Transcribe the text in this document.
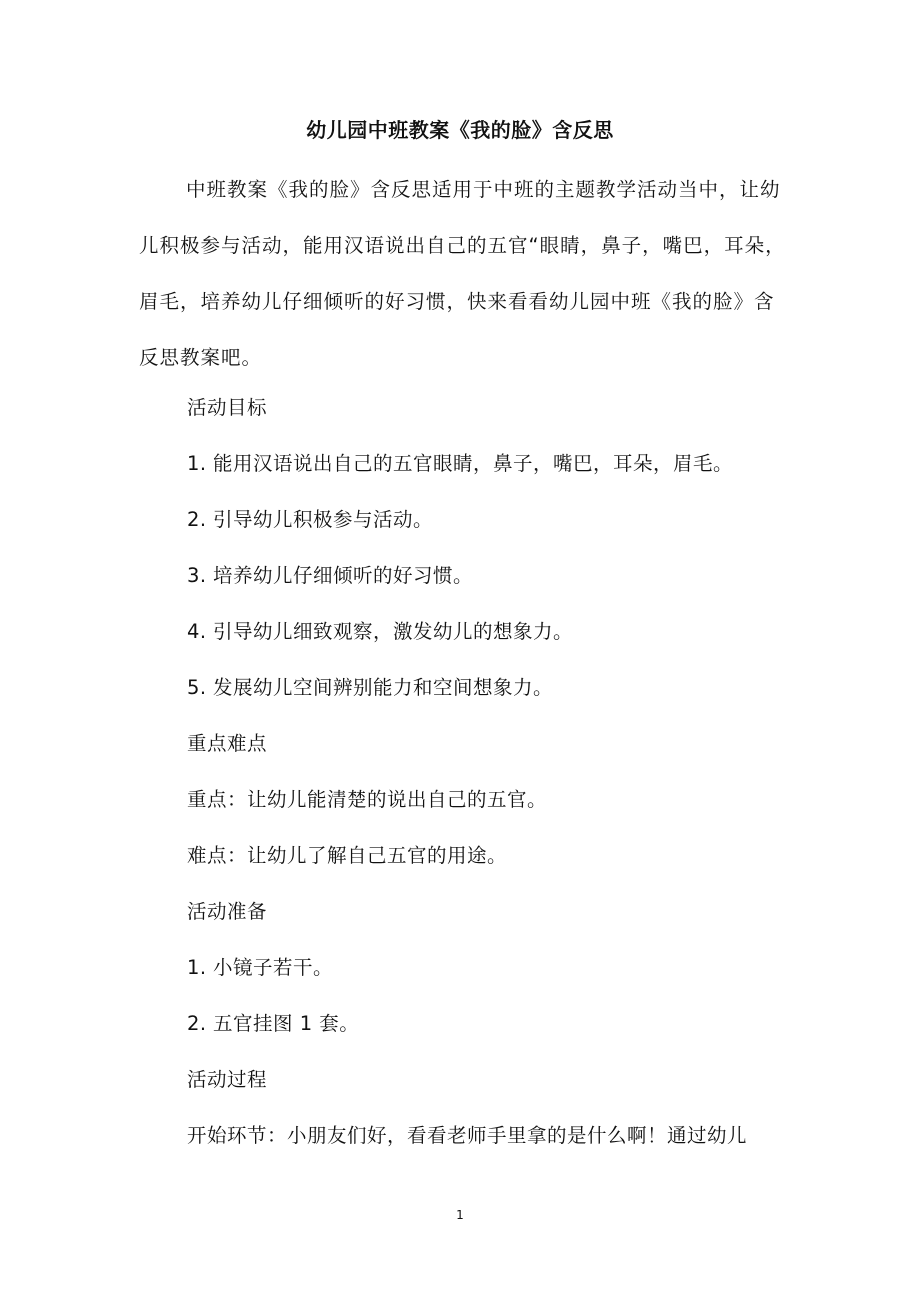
幼儿园中班教案《我的脸》含反思

中班教案《我的脸》含反思适用于中班的主题教学活动当中，让幼儿积极参与活动，能用汉语说出自己的五官“眼睛，鼻子，嘴巴，耳朵，眉毛，培养幼儿仔细倾听的好习惯，快来看看幼儿园中班《我的脸》含反思教案吧。

活动目标
1. 能用汉语说出自己的五官眼睛，鼻子，嘴巴，耳朵，眉毛。
2. 引导幼儿积极参与活动。
3. 培养幼儿仔细倾听的好习惯。
4. 引导幼儿细致观察，激发幼儿的想象力。
5. 发展幼儿空间辨别能力和空间想象力。
重点难点
重点：让幼儿能清楚的说出自己的五官。
难点：让幼儿了解自己五官的用途。
活动准备
1. 小镜子若干。
2. 五官挂图 1 套。
活动过程
开始环节：小朋友们好，看看老师手里拿的是什么啊！通过幼儿
1
